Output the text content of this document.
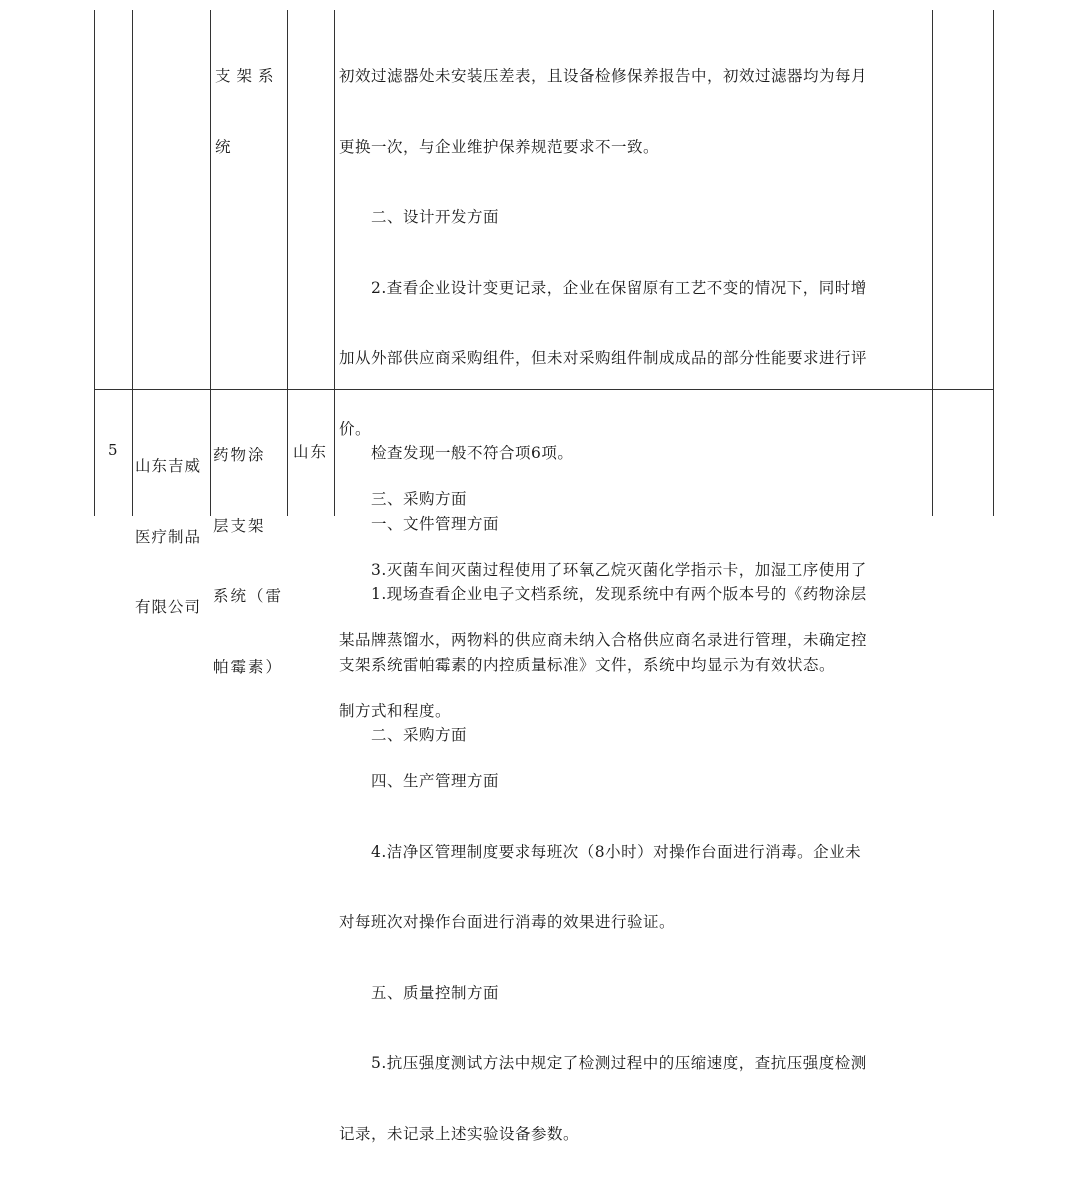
支架系

统

初效过滤器处未安装压差表，且设备检修保养报告中，初效过滤器均为每月

更换一次，与企业维护保养规范要求不一致。

二、设计开发方面

2.查看企业设计变更记录，企业在保留原有工艺不变的情况下，同时增

加从外部供应商采购组件，但未对采购组件制成成品的部分性能要求进行评

价。

三、采购方面

3.灭菌车间灭菌过程使用了环氧乙烷灭菌化学指示卡，加湿工序使用了

某品牌蒸馏水，两物料的供应商未纳入合格供应商名录进行管理，未确定控

制方式和程度。

四、生产管理方面

4.洁净区管理制度要求每班次（8小时）对操作台面进行消毒。企业未

对每班次对操作台面进行消毒的效果进行验证。

五、质量控制方面

5.抗压强度测试方法中规定了检测过程中的压缩速度，查抗压强度检测

记录，未记录上述实验设备参数。

5

山东吉威

医疗制品

有限公司

药物涂

层支架

系统（雷

帕霉素）

山东

	检查发现一般不符合项6项。

一、文件管理方面

1.现场查看企业电子文档系统，发现系统中有两个版本号的《药物涂层

支架系统雷帕霉素的内控质量标准》文件，系统中均显示为有效状态。

二、采购方面
